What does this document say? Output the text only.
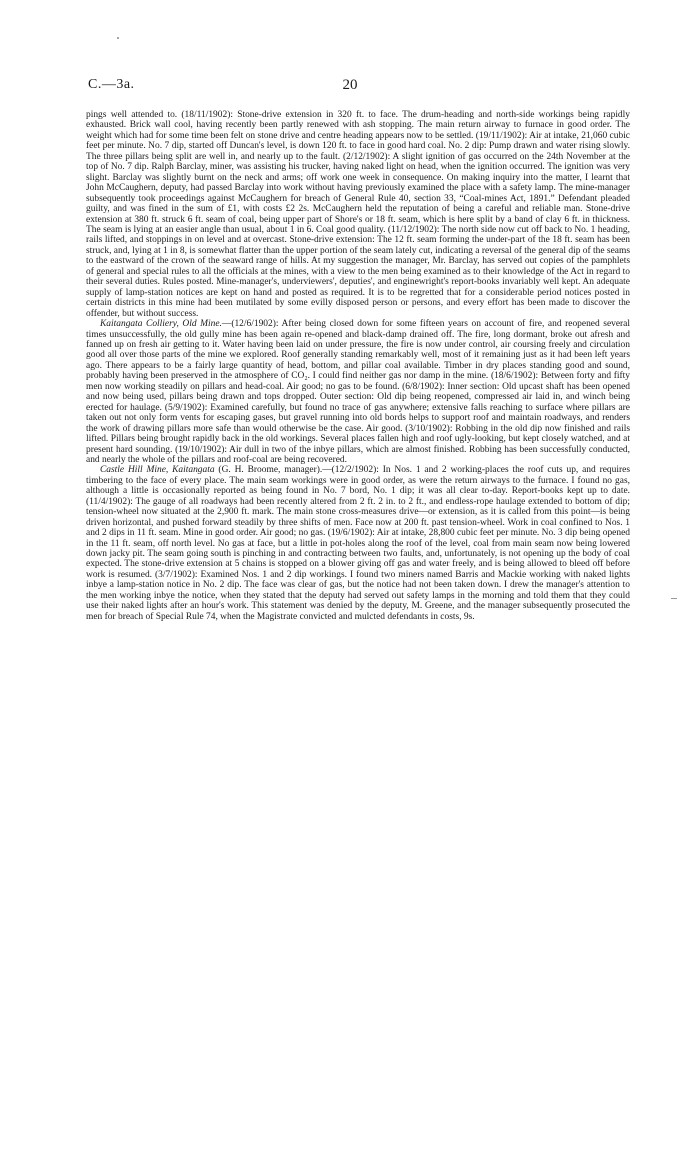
C.—3a.	20

pings well attended to. (18/11/1902): Stone-drive extension in 320 ft. to face. The drum-heading and north-side workings being rapidly exhausted. Brick wall cool, having recently been partly renewed with ash stopping. The main return airway to furnace in good order. The weight which had for some time been felt on stone drive and centre heading appears now to be settled. (19/11/1902): Air at intake, 21,060 cubic feet per minute. No. 7 dip, started off Duncan's level, is down 120 ft. to face in good hard coal. No. 2 dip: Pump drawn and water rising slowly. The three pillars being split are well in, and nearly up to the fault. (2/12/1902): A slight ignition of gas occurred on the 24th November at the top of No. 7 dip. Ralph Barclay, miner, was assisting his trucker, having naked light on head, when the ignition occurred. The ignition was very slight. Barclay was slightly burnt on the neck and arms; off work one week in consequence. On making inquiry into the matter, I learnt that John McCaughern, deputy, had passed Barclay into work without having previously examined the place with a safety lamp. The mine-manager subsequently took proceedings against McCaughern for breach of General Rule 40, section 33, “Coal-mines Act, 1891.” Defendant pleaded guilty, and was fined in the sum of £1, with costs £2 2s. McCaughern held the reputation of being a careful and reliable man. Stone-drive extension at 380 ft. struck 6 ft. seam of coal, being upper part of Shore's or 18 ft. seam, which is here split by a band of clay 6 ft. in thickness. The seam is lying at an easier angle than usual, about 1 in 6. Coal good quality. (11/12/1902): The north side now cut off back to No. 1 heading, rails lifted, and stoppings in on level and at overcast. Stone-drive extension: The 12 ft. seam forming the under-part of the 18 ft. seam has been struck, and, lying at 1 in 8, is somewhat flatter than the upper portion of the seam lately cut, indicating a reversal of the general dip of the seams to the eastward of the crown of the seaward range of hills. At my suggestion the manager, Mr. Barclay, has served out copies of the pamphlets of general and special rules to all the officials at the mines, with a view to the men being examined as to their knowledge of the Act in regard to their several duties. Rules posted. Mine-manager's, underviewers', deputies', and enginewright's report-books invariably well kept. An adequate supply of lamp-station notices are kept on hand and posted as required. It is to be regretted that for a considerable period notices posted in certain districts in this mine had been mutilated by some evilly disposed person or persons, and every effort has been made to discover the offender, but without success.

Kaitangata Colliery, Old Mine.—(12/6/1902): After being closed down for some fifteen years on account of fire, and reopened several times unsuccessfully, the old gully mine has been again re-opened and black-damp drained off. The fire, long dormant, broke out afresh and fanned up on fresh air getting to it. Water having been laid on under pressure, the fire is now under control, air coursing freely and circulation good all over those parts of the mine we explored. Roof generally standing remarkably well, most of it remaining just as it had been left years ago. There appears to be a fairly large quantity of head, bottom, and pillar coal available. Timber in dry places standing good and sound, probably having been preserved in the atmosphere of CO₂. I could find neither gas nor damp in the mine. (18/6/1902): Between forty and fifty men now working steadily on pillars and head-coal. Air good; no gas to be found. (6/8/1902): Inner section: Old upcast shaft has been opened and now being used, pillars being drawn and tops dropped. Outer section: Old dip being reopened, compressed air laid in, and winch being erected for haulage. (5/9/1902): Examined carefully, but found no trace of gas anywhere; extensive falls reaching to surface where pillars are taken out not only form vents for escaping gases, but gravel running into old bords helps to support roof and maintain roadways, and renders the work of drawing pillars more safe than would otherwise be the case. Air good. (3/10/1902): Robbing in the old dip now finished and rails lifted. Pillars being brought rapidly back in the old workings. Several places fallen high and roof ugly-looking, but kept closely watched, and at present hard sounding. (19/10/1902): Air dull in two of the inbye pillars, which are almost finished. Robbing has been successfully conducted, and nearly the whole of the pillars and roof-coal are being recovered.

Castle Hill Mine, Kaitangata (G. H. Broome, manager).—(12/2/1902): In Nos. 1 and 2 working-places the roof cuts up, and requires timbering to the face of every place. The main seam workings were in good order, as were the return airways to the furnace. I found no gas, although a little is occasionally reported as being found in No. 7 bord, No. 1 dip; it was all clear to-day. Report-books kept up to date. (11/4/1902): The gauge of all roadways had been recently altered from 2 ft. 2 in. to 2 ft., and endless-rope haulage extended to bottom of dip; tension-wheel now situated at the 2,900 ft. mark. The main stone cross-measures drive—or extension, as it is called from this point—is being driven horizontal, and pushed forward steadily by three shifts of men. Face now at 200 ft. past tension-wheel. Work in coal confined to Nos. 1 and 2 dips in 11 ft. seam. Mine in good order. Air good; no gas. (19/6/1902): Air at intake, 28,800 cubic feet per minute. No. 3 dip being opened in the 11 ft. seam, off north level. No gas at face, but a little in pot-holes along the roof of the level, coal from main seam now being lowered down jacky pit. The seam going south is pinching in and contracting between two faults, and, unfortunately, is not opening up the body of coal expected. The stone-drive extension at 5 chains is stopped on a blower giving off gas and water freely, and is being allowed to bleed off before work is resumed. (3/7/1902): Examined Nos. 1 and 2 dip workings. I found two miners named Barris and Mackie working with naked lights inbye a lamp-station notice in No. 2 dip. The face was clear of gas, but the notice had not been taken down. I drew the manager's attention to the men working inbye the notice, when they stated that the deputy had served out safety lamps in the morning and told them that they could use their naked lights after an hour's work. This statement was denied by the deputy, M. Greene, and the manager subsequently prosecuted the men for breach of Special Rule 74, when the Magistrate convicted and mulcted defendants in costs, 9s.
